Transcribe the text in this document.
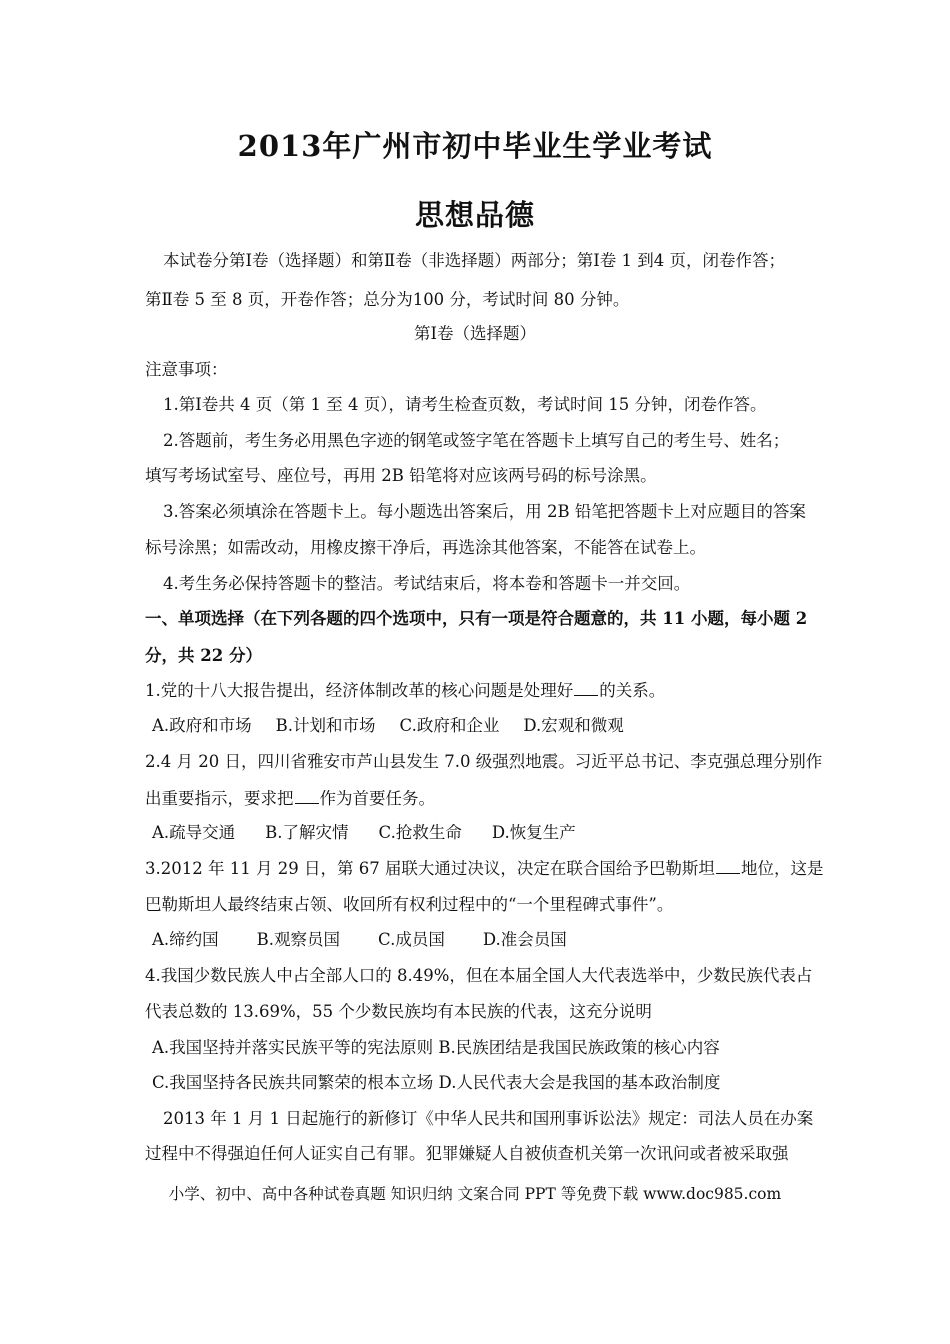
2013年广州市初中毕业生学业考试
思想品德
本试卷分第Ⅰ卷（选择题）和第Ⅱ卷（非选择题）两部分；第Ⅰ卷 1 到4 页，闭卷作答；
第Ⅱ卷 5 至 8 页，开卷作答；总分为100 分，考试时间 80 分钟。
第Ⅰ卷（选择题）
注意事项：
1.第Ⅰ卷共 4 页（第 1 至 4 页），请考生检查页数，考试时间 15 分钟，闭卷作答。
2.答题前，考生务必用黑色字迹的钢笔或签字笔在答题卡上填写自己的考生号、姓名；
填写考场试室号、座位号，再用 2B 铅笔将对应该两号码的标号涂黑。
3.答案必须填涂在答题卡上。每小题选出答案后，用 2B 铅笔把答题卡上对应题目的答案
标号涂黑；如需改动，用橡皮擦干净后，再选涂其他答案，不能答在试卷上。
4.考生务必保持答题卡的整洁。考试结束后，将本卷和答题卡一并交回。
一、单项选择（在下列各题的四个选项中，只有一项是符合题意的，共 11 小题，每小题 2
分，共 22 分）
1.党的十八大报告提出，经济体制改革的核心问题是处理好 的关系。
A.政府和市场 B.计划和市场 C.政府和企业 D.宏观和微观
2.4 月 20 日，四川省雅安市芦山县发生 7.0 级强烈地震。习近平总书记、李克强总理分别作
出重要指示，要求把 作为首要任务。
A.疏导交通 B.了解灾情 C.抢救生命 D.恢复生产
3.2012 年 11 月 29 日，第 67 届联大通过决议，决定在联合国给予巴勒斯坦 地位，这是
巴勒斯坦人最终结束占领、收回所有权利过程中的“一个里程碑式事件”。
A.缔约国 B.观察员国 C.成员国 D.准会员国
4.我国少数民族人中占全部人口的 8.49%，但在本届全国人大代表选举中，少数民族代表占
代表总数的 13.69%，55 个少数民族均有本民族的代表，这充分说明
A.我国坚持并落实民族平等的宪法原则 B.民族团结是我国民族政策的核心内容
C.我国坚持各民族共同繁荣的根本立场 D.人民代表大会是我国的基本政治制度
2013 年 1 月 1 日起施行的新修订《中华人民共和国刑事诉讼法》规定：司法人员在办案
过程中不得强迫任何人证实自己有罪。犯罪嫌疑人自被侦查机关第一次讯问或者被采取强
小学、初中、高中各种试卷真题 知识归纳 文案合同 PPT 等免费下载 www.doc985.com
